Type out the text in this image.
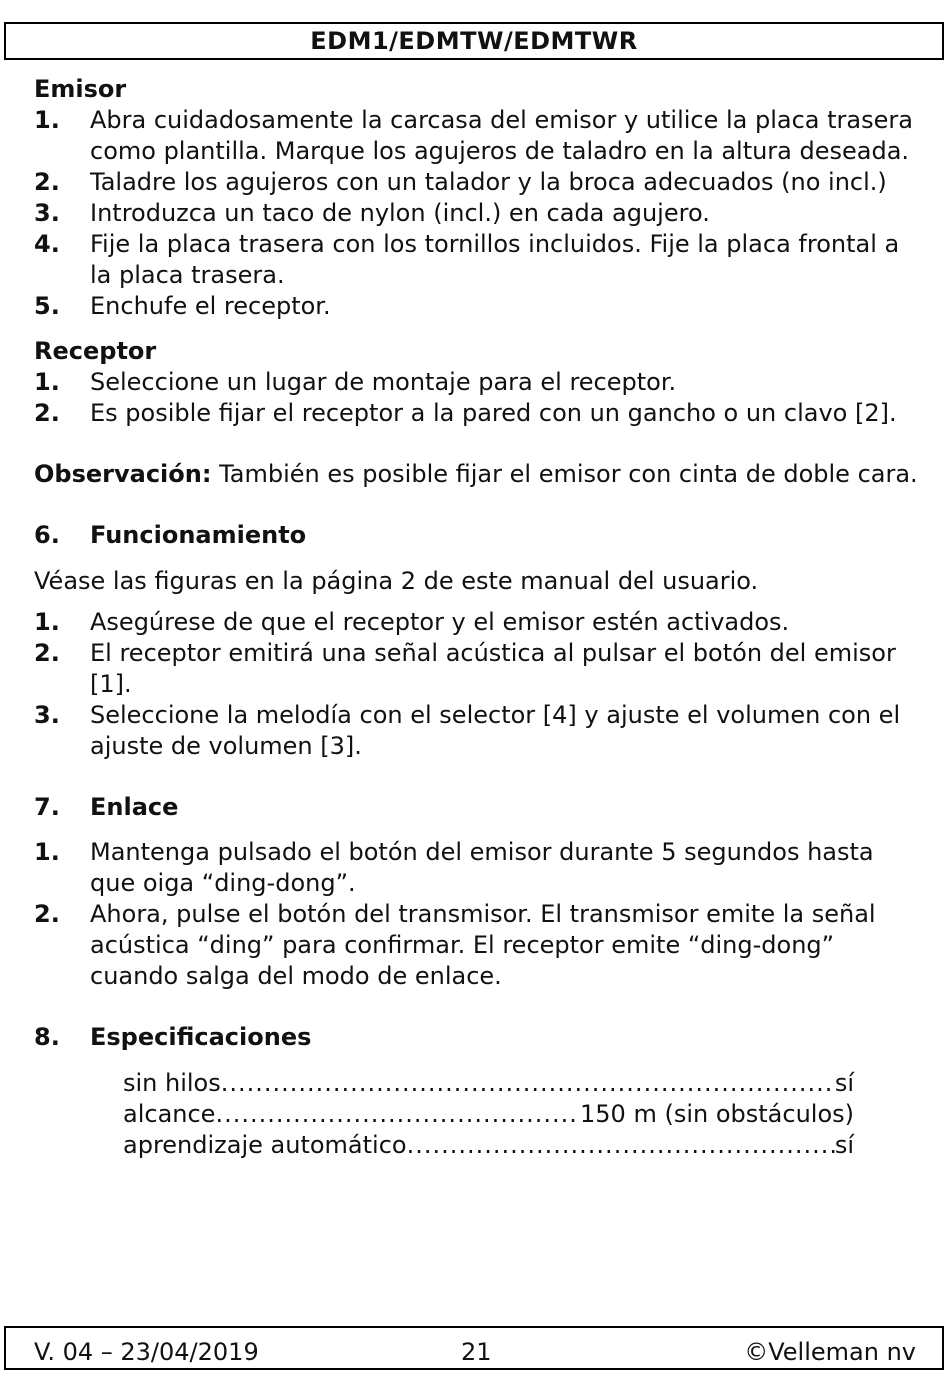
EDM1/EDMTW/EDMTWR

Emisor

1. Abra cuidadosamente la carcasa del emisor y utilice la placa trasera como plantilla. Marque los agujeros de taladro en la altura deseada.
2. Taladre los agujeros con un talador y la broca adecuados (no incl.)
3. Introduzca un taco de nylon (incl.) en cada agujero.
4. Fije la placa trasera con los tornillos incluidos. Fije la placa frontal a la placa trasera.
5. Enchufe el receptor.

Receptor

1. Seleccione un lugar de montaje para el receptor.
2. Es posible fijar el receptor a la pared con un gancho o un clavo [2].

Observación: También es posible fijar el emisor con cinta de doble cara.

6. Funcionamiento

Véase las figuras en la página 2 de este manual del usuario.

1. Asegúrese de que el receptor y el emisor estén activados.
2. El receptor emitirá una señal acústica al pulsar el botón del emisor [1].
3. Seleccione la melodía con el selector [4] y ajuste el volumen con el ajuste de volumen [3].

7. Enlace

1. Mantenga pulsado el botón del emisor durante 5 segundos hasta que oiga “ding-dong”.
2. Ahora, pulse el botón del transmisor. El transmisor emite la señal acústica “ding” para confirmar. El receptor emite “ding-dong” cuando salga del modo de enlace.

8. Especificaciones

sin hilos .....	sí
alcance .....	150 m (sin obstáculos)
aprendizaje automático .....	sí
V. 04 – 23/04/2019	21	©Velleman nv
